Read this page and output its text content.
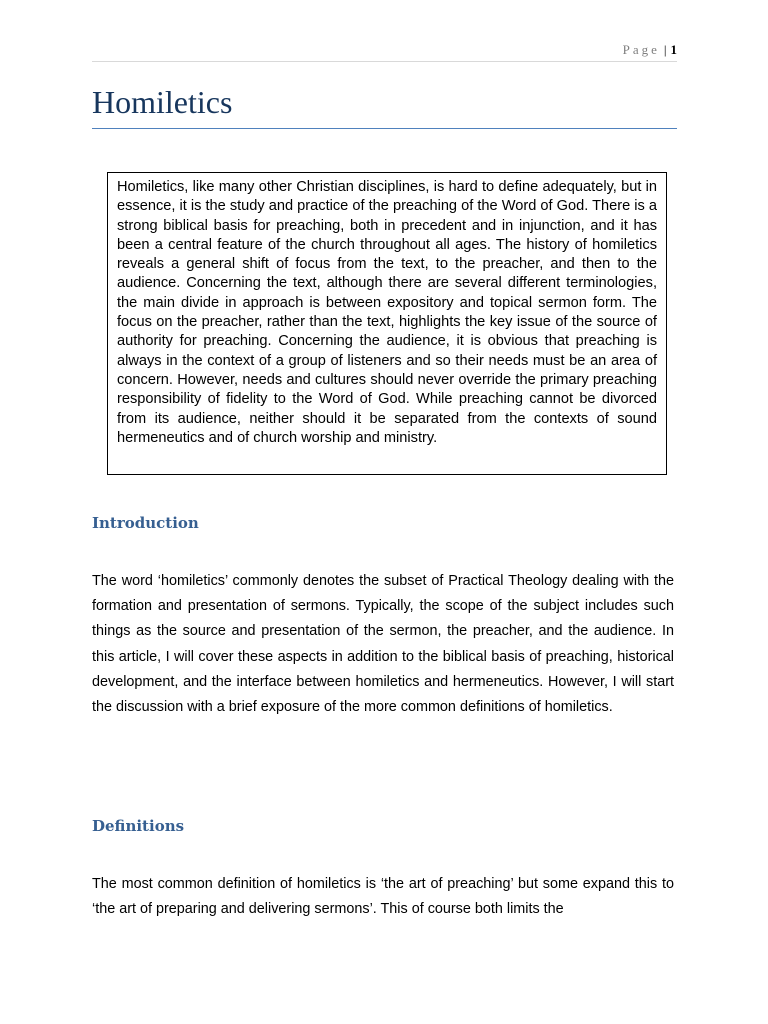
Page | 1
Homiletics
Homiletics, like many other Christian disciplines, is hard to define adequately, but in essence, it is the study and practice of the preaching of the Word of God. There is a strong biblical basis for preaching, both in precedent and in injunction, and it has been a central feature of the church throughout all ages. The history of homiletics reveals a general shift of focus from the text, to the preacher, and then to the audience. Concerning the text, although there are several different terminologies, the main divide in approach is between expository and topical sermon form. The focus on the preacher, rather than the text, highlights the key issue of the source of authority for preaching. Concerning the audience, it is obvious that preaching is always in the context of a group of listeners and so their needs must be an area of concern. However, needs and cultures should never override the primary preaching responsibility of fidelity to the Word of God. While preaching cannot be divorced from its audience, neither should it be separated from the contexts of sound hermeneutics and of church worship and ministry.
Introduction

The word ‘homiletics’ commonly denotes the subset of Practical Theology dealing with the formation and presentation of sermons. Typically, the scope of the subject includes such things as the source and presentation of the sermon, the preacher, and the audience. In this article, I will cover these aspects in addition to the biblical basis of preaching, historical development, and the interface between homiletics and hermeneutics. However, I will start the discussion with a brief exposure of the more common definitions of homiletics.

Definitions

The most common definition of homiletics is ‘the art of preaching’ but some expand this to ‘the art of preparing and delivering sermons’. This of course both limits the
